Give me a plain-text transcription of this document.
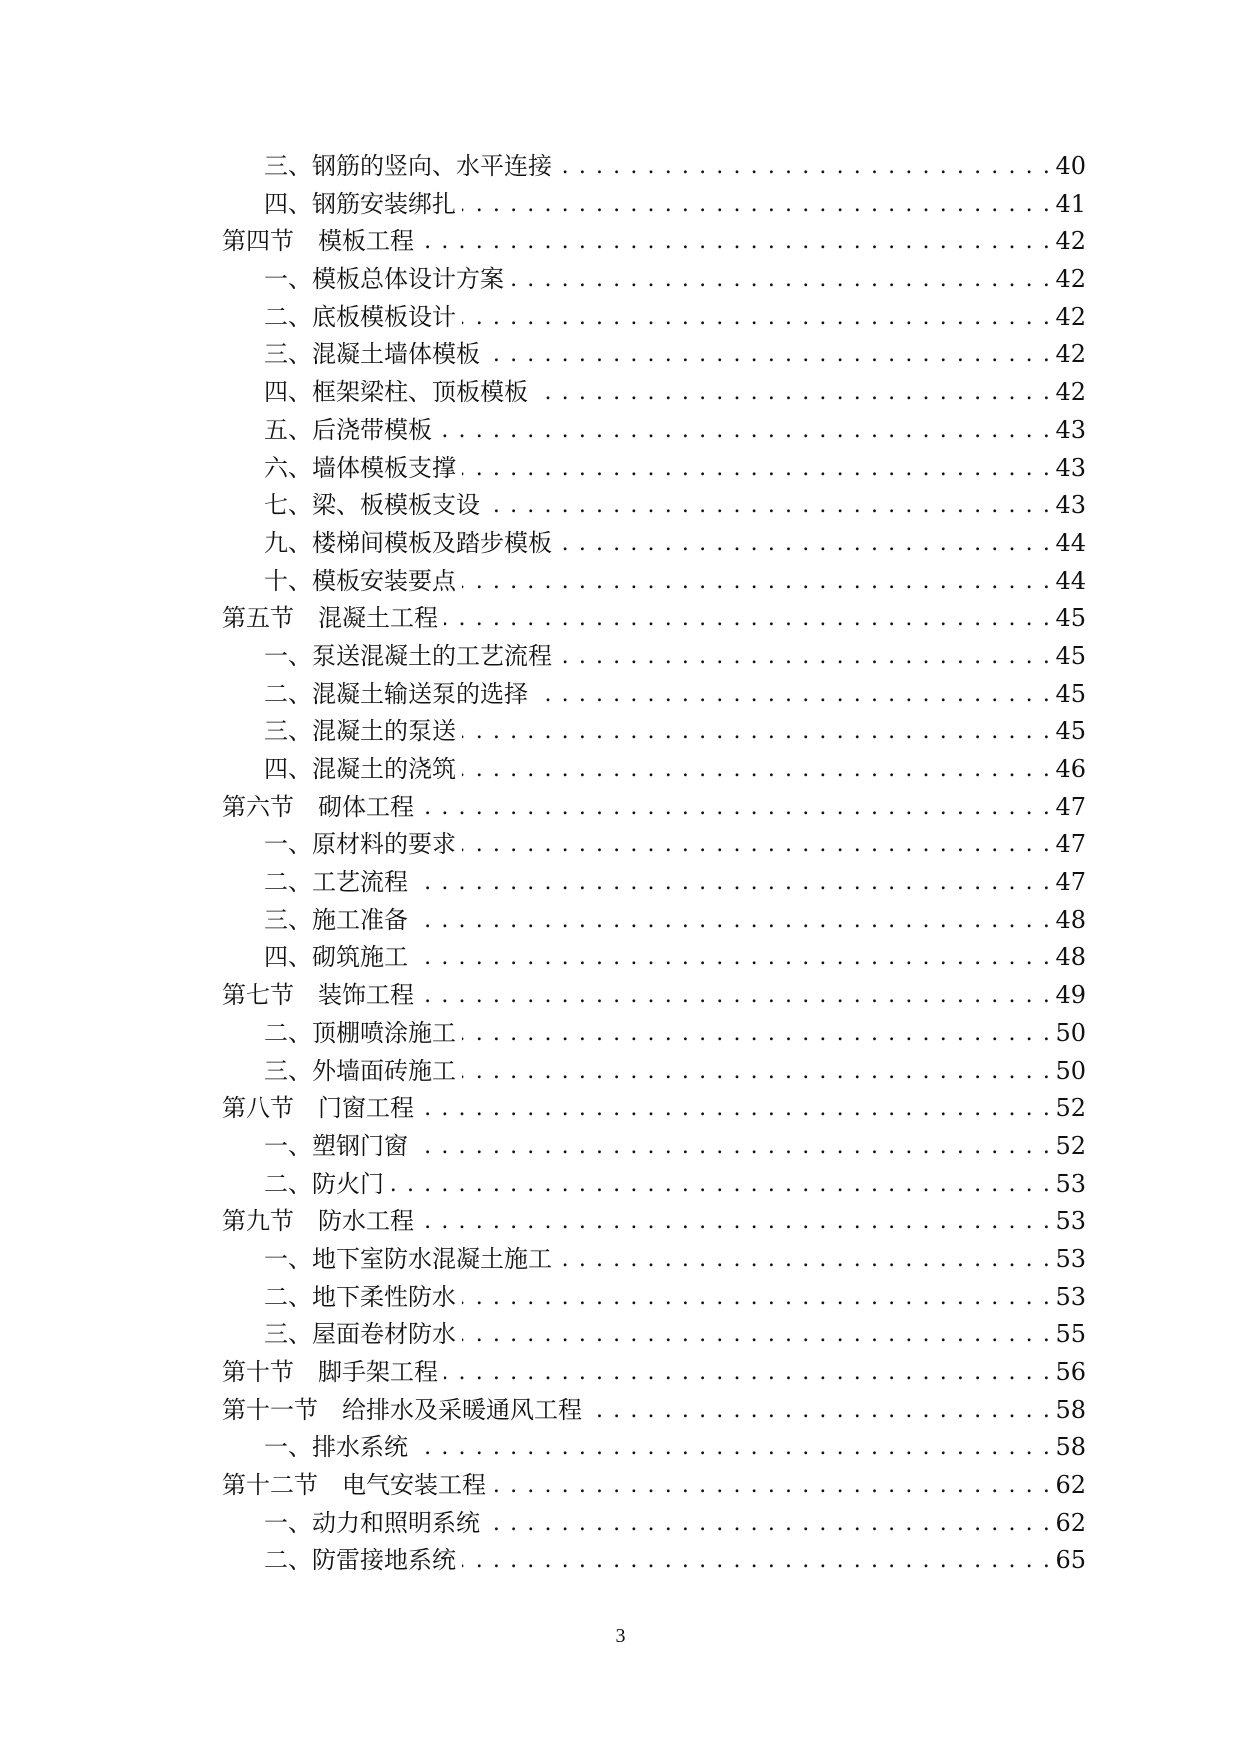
三、钢筋的竖向、水平连接 . . .	40
四、钢筋安装绑扎 . . .	41
第四节　模板工程 . . .	42
一、模板总体设计方案 . . .	42
二、底板模板设计 . . .	42
三、混凝土墙体模板 . . .	42
四、框架梁柱、顶板模板 . . .	42
五、后浇带模板 . . .	43
六、墙体模板支撑 . . .	43
七、梁、板模板支设 . . .	43
九、楼梯间模板及踏步模板 . . .	44
十、模板安装要点 . . .	44
第五节　混凝土工程 . . .	45
一、泵送混凝土的工艺流程 . . .	45
二、混凝土输送泵的选择 . . .	45
三、混凝土的泵送 . . .	45
四、混凝土的浇筑 . . .	46
第六节　砌体工程 . . .	47
一、原材料的要求 . . .	47
二、工艺流程 . . .	47
三、施工准备 . . .	48
四、砌筑施工 . . .	48
第七节　装饰工程 . . .	49
二、顶棚喷涂施工 . . .	50
三、外墙面砖施工 . . .	50
第八节　门窗工程 . . .	52
一、塑钢门窗 . . .	52
二、防火门 . . .	53
第九节　防水工程 . . .	53
一、地下室防水混凝土施工 . . .	53
二、地下柔性防水 . . .	53
三、屋面卷材防水 . . .	55
第十节　脚手架工程 . . .	56
第十一节　给排水及采暖通风工程 . . .	58
一、排水系统 . . .	58
第十二节　电气安装工程 . . .	62
一、动力和照明系统 . . .	62
二、防雷接地系统 . . .	65
3
